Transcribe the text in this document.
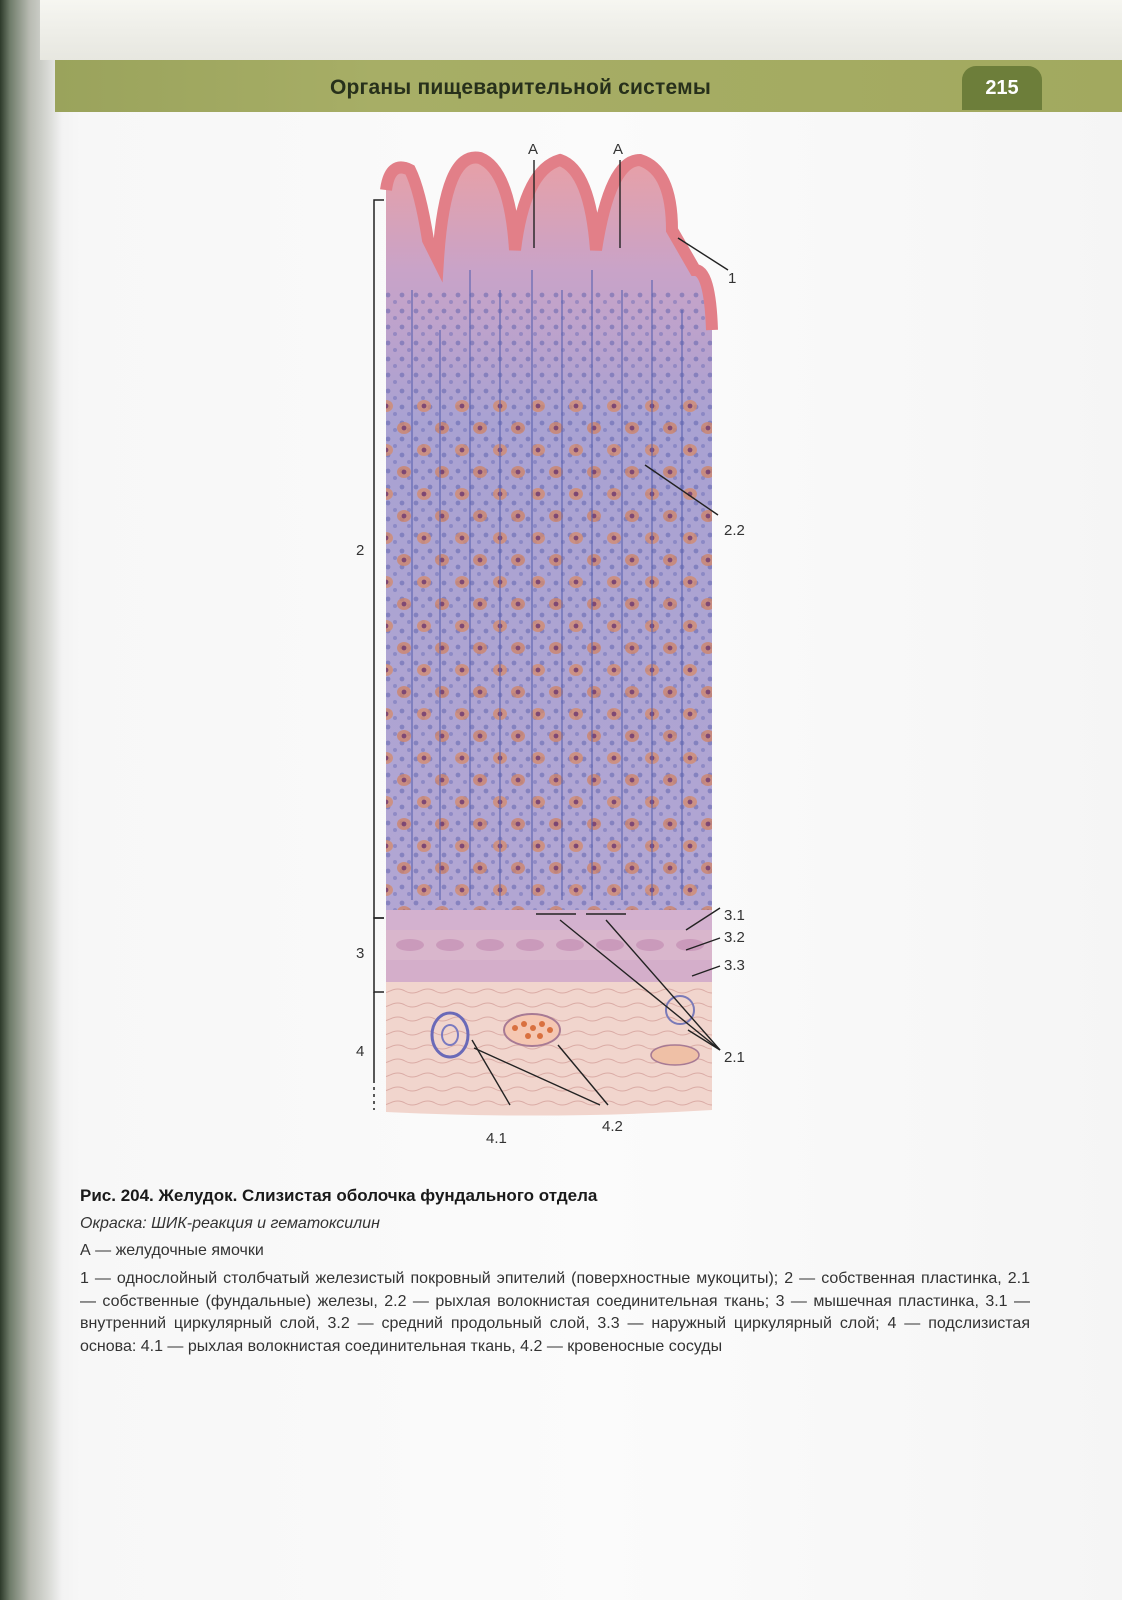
Органы пищеварительной системы	215
А	А
1
2
2.2
3.1
3.2
3.3
3
4	2.1
4.1
4.2
Рис. 204. Желудок. Слизистая оболочка фундального отдела
Окраска: ШИК-реакция и гематоксилин
А — желудочные ямочки
1 — однослойный столбчатый железистый покровный эпителий (поверхностные мукоциты); 2 — собственная пластинка, 2.1 — собственные (фундальные) железы, 2.2 — рыхлая волокнистая соединительная ткань; 3 — мышечная пластинка, 3.1 — внутренний циркулярный слой, 3.2 — средний продольный слой, 3.3 — наружный циркулярный слой; 4 — подслизистая основа: 4.1 — рыхлая волокнистая соединительная ткань, 4.2 — кровеносные сосуды
